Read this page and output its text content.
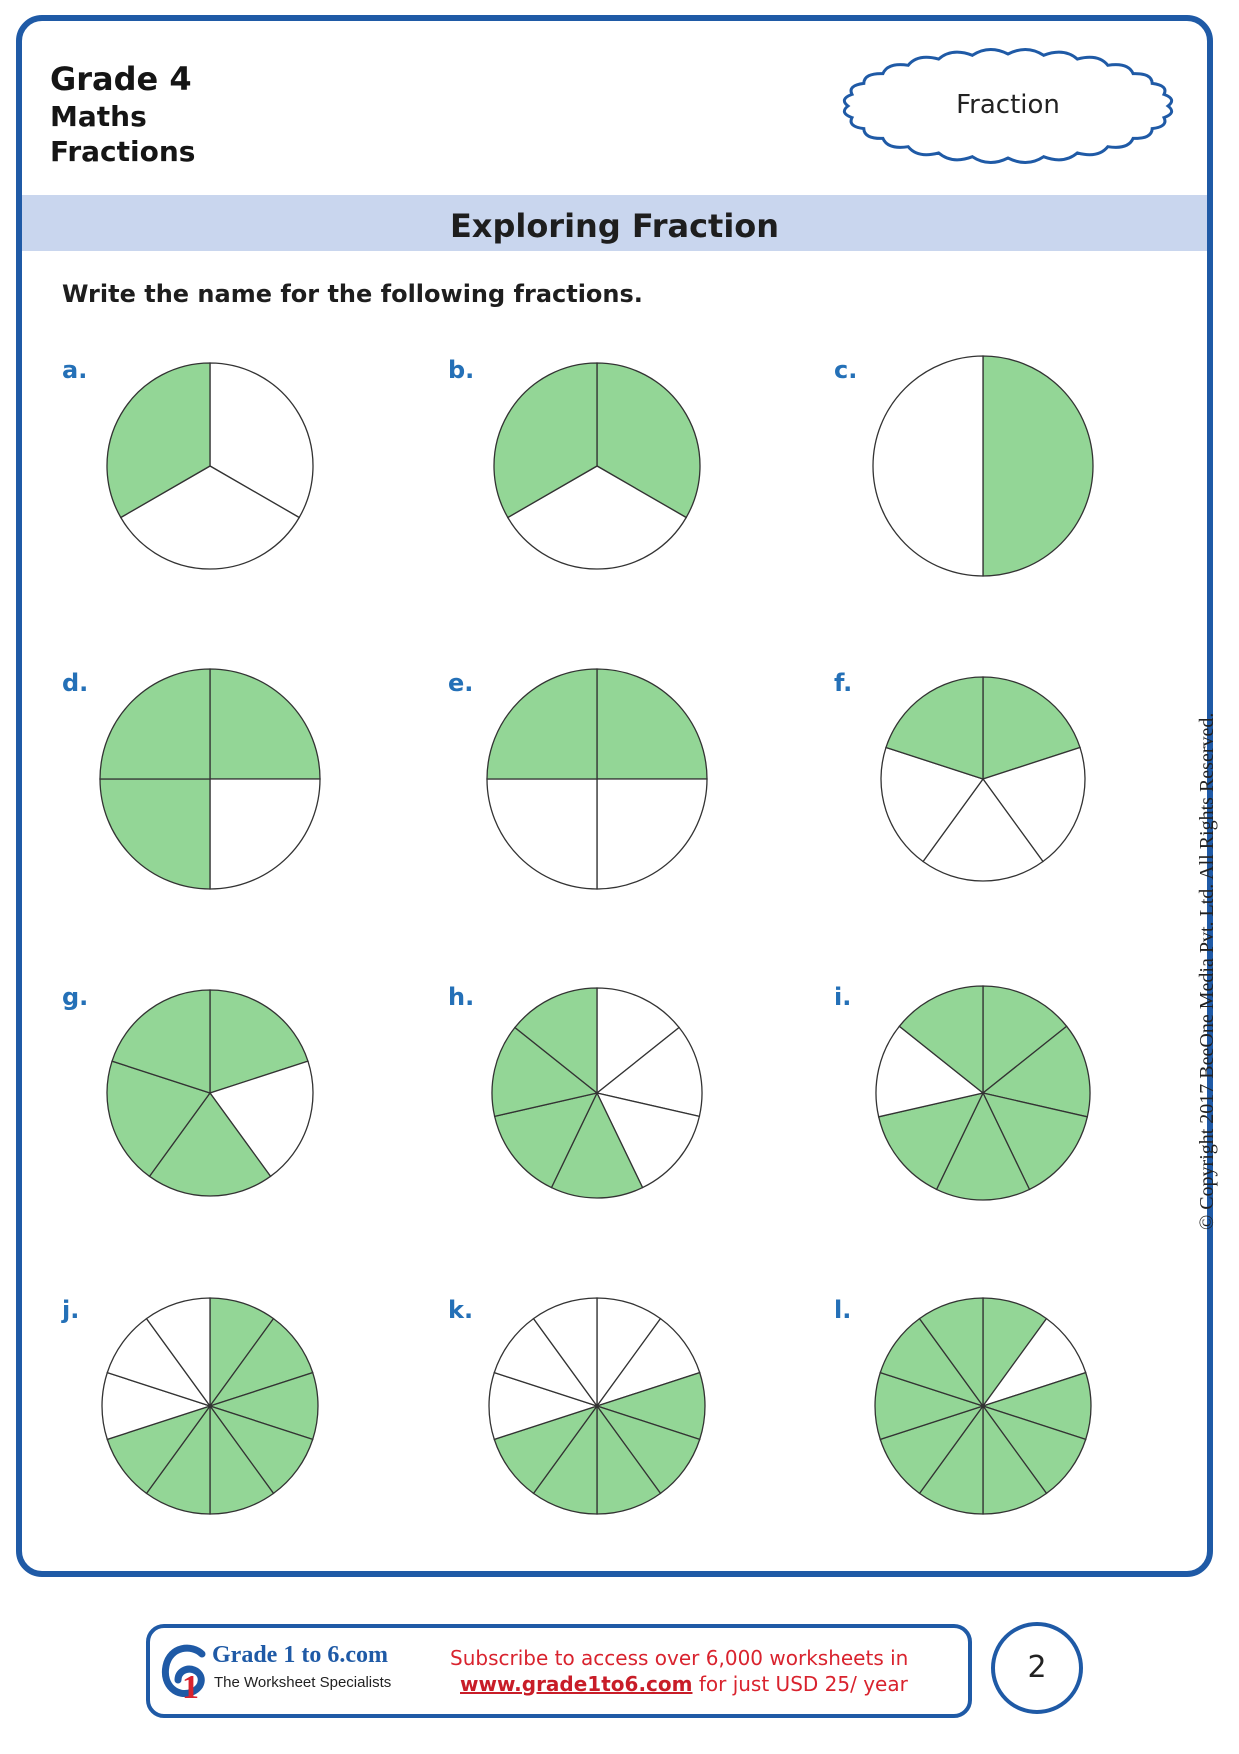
Grade 4
Maths
Fractions
Fraction
Exploring Fraction
Write the name for the following fractions.
a.	b.	c.
d.	e.	f.
g.	h.	i.
j.	k.	l.
© Copyright 2017 BeeOne Media Pvt. Ltd. All Rights Reserved.
1
Grade 1 to 6.com
The Worksheet Specialists
Subscribe to access over 6,000 worksheets in
www.grade1to6.com for just USD 25/ year	2
